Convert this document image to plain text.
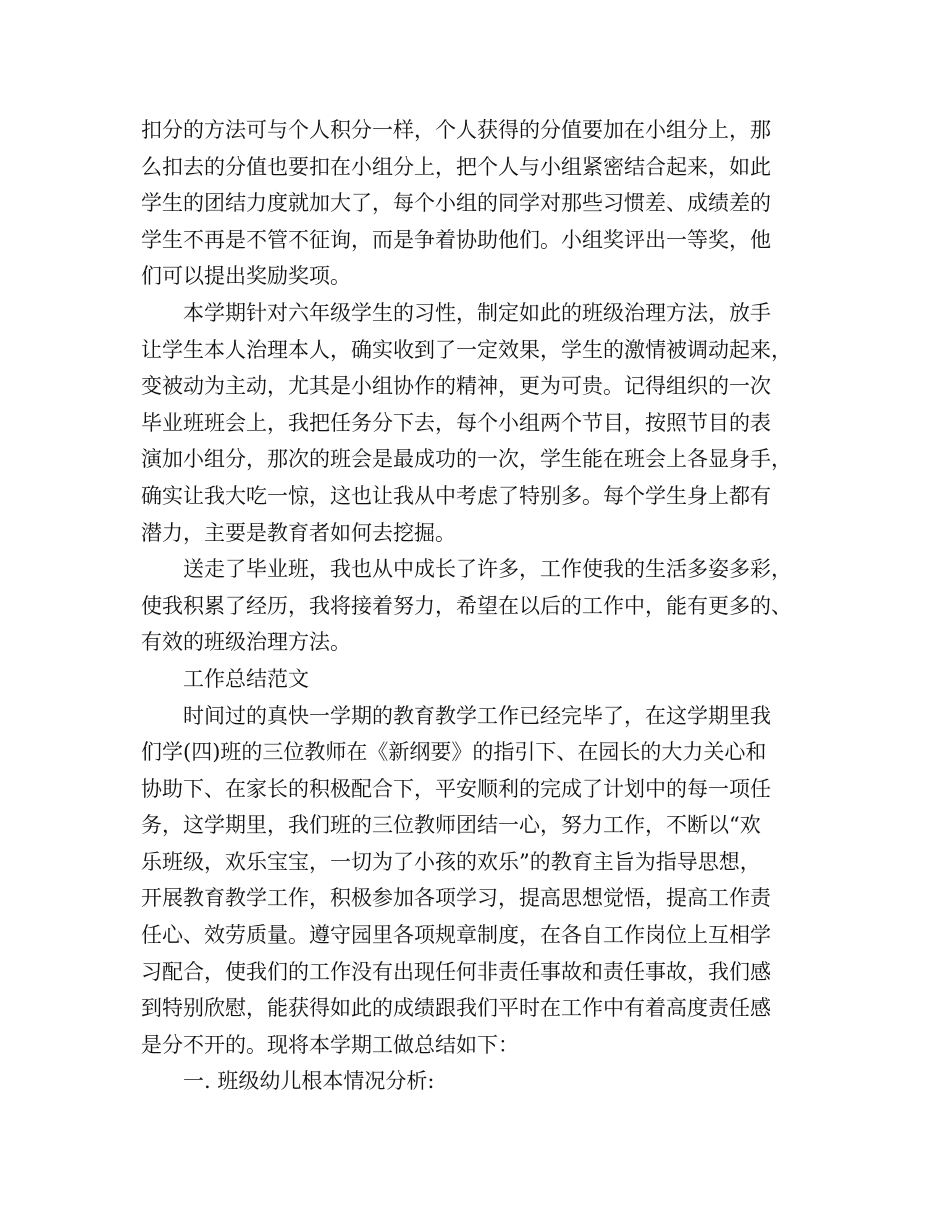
扣分的方法可与个人积分一样，个人获得的分值要加在小组分上，那
么扣去的分值也要扣在小组分上，把个人与小组紧密结合起来，如此
学生的团结力度就加大了，每个小组的同学对那些习惯差、成绩差的
学生不再是不管不征询，而是争着协助他们。小组奖评出一等奖，他
们可以提出奖励奖项。
本学期针对六年级学生的习性，制定如此的班级治理方法，放手
让学生本人治理本人，确实收到了一定效果，学生的激情被调动起来，
变被动为主动，尤其是小组协作的精神，更为可贵。记得组织的一次
毕业班班会上，我把任务分下去，每个小组两个节目，按照节目的表
演加小组分，那次的班会是最成功的一次，学生能在班会上各显身手，
确实让我大吃一惊，这也让我从中考虑了特别多。每个学生身上都有
潜力，主要是教育者如何去挖掘。
送走了毕业班，我也从中成长了许多，工作使我的生活多姿多彩，
使我积累了经历，我将接着努力，希望在以后的工作中，能有更多的、
有效的班级治理方法。
工作总结范文
时间过的真快一学期的教育教学工作已经完毕了，在这学期里我
们学(四)班的三位教师在《新纲要》的指引下、在园长的大力关心和
协助下、在家长的积极配合下，平安顺利的完成了计划中的每一项任
务，这学期里，我们班的三位教师团结一心，努力工作，不断以“欢
乐班级，欢乐宝宝，一切为了小孩的欢乐”的教育主旨为指导思想，
开展教育教学工作，积极参加各项学习，提高思想觉悟，提高工作责
任心、效劳质量。遵守园里各项规章制度，在各自工作岗位上互相学
习配合，使我们的工作没有出现任何非责任事故和责任事故，我们感
到特别欣慰，能获得如此的成绩跟我们平时在工作中有着高度责任感
是分不开的。现将本学期工做总结如下：
一. 班级幼儿根本情况分析:
